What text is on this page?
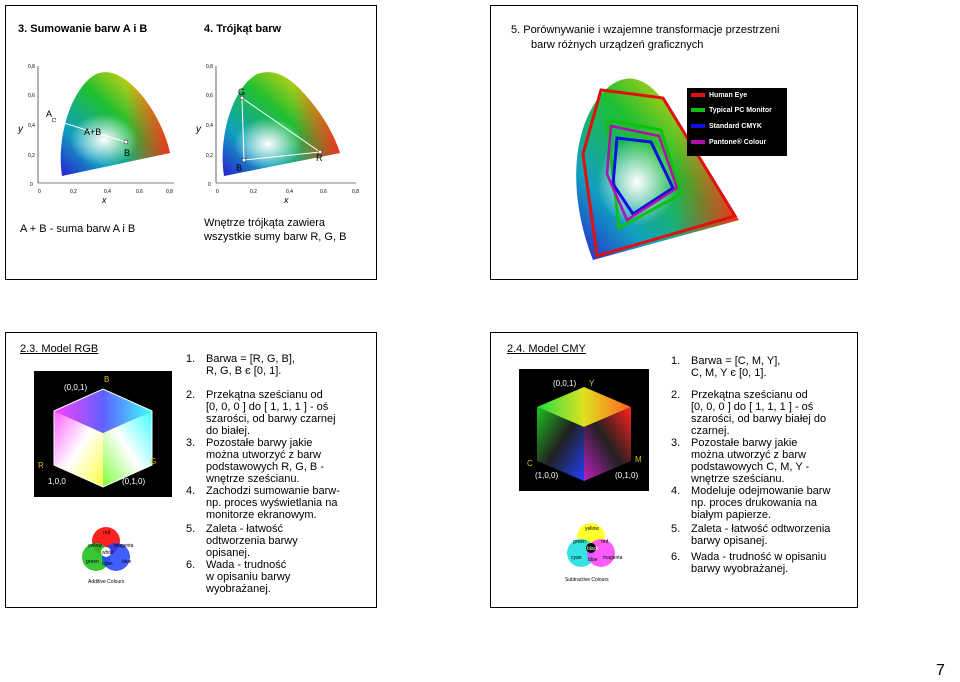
3. Sumowanie barw A i B	4. Trójkąt barw
0,8
0,6
0,4
0,2
0
0	0,2	0,4	0,6	0,8
y
A
A+B
B
x
0,8
0,6
0,4
0,2
0
0	0,2	0,4	0,6	0,8
y
G
B
R
x
A + B - suma barw A i B	Wnętrze trójkąta zawiera
wszystkie sumy barw R, G, B
5. Porównywanie i wzajemne transformacje przestrzeni
barw różnych urządzeń graficznych
Human Eye
Typical PC Monitor
Standard CMYK
Pantone® Colour
2.3. Model RGB
(0,0,1)
B
R
1,0,0	(0,1,0)
G
red
yellow magenta
white
green cyan blue
Additive Colours
1. Barwa = [R, G, B],
R, G, B є [0, 1].
2. Przekątna sześcianu od
[0, 0, 0 ] do [ 1, 1, 1 ] - oś
szarości, od barwy czarnej
do białej.
3. Pozostałe barwy jakie
można utworzyć z barw
podstawowych R, G, B -
wnętrze sześcianu.
4. Zachodzi sumowanie barw-
np. proces wyświetlania na
monitorze ekranowym.
5. Zaleta - łatwość
odtworzenia barwy
opisanej.
6. Wada - trudność
w opisaniu barwy
wyobrażanej.
2.4. Model CMY
(0,0,1) Y
C
(1,0,0)	(0,1,0)
M
yellow
green	red
black
cyan	magenta
blue
Subtractive Colours
1. Barwa = [C, M, Y],
C, M, Y є [0, 1].
2. Przekątna sześcianu od
[0, 0, 0 ] do [ 1, 1, 1 ] - oś
szarości, od barwy białej do
czarnej.
3. Pozostałe barwy jakie
można utworzyć z barw
podstawowych C, M, Y -
wnętrze sześcianu.
4. Modeluje odejmowanie barw
np. proces drukowania na
białym papierze.
5. Zaleta - łatwość odtworzenia
barwy opisanej.
6. Wada - trudność w opisaniu
barwy wyobrażanej.
7
